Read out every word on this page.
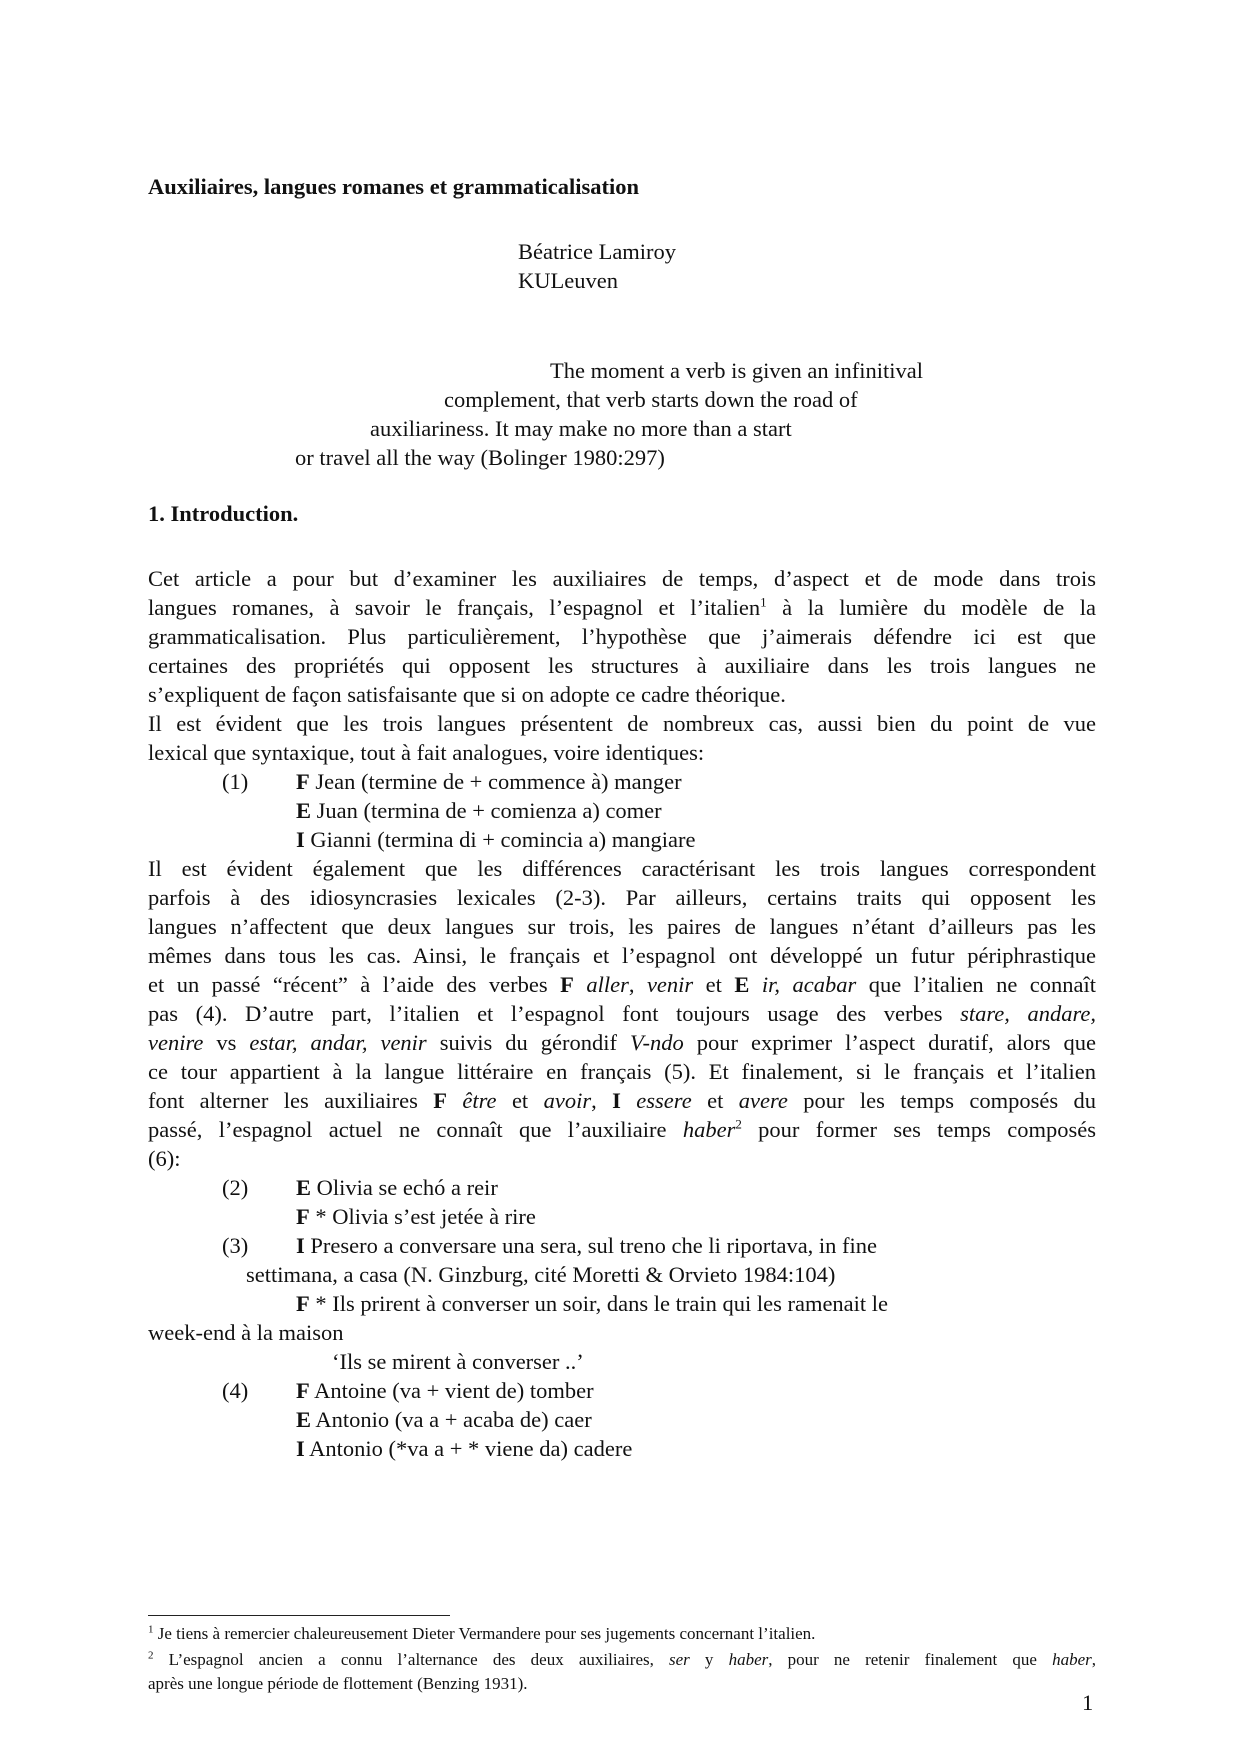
Auxiliaires, langues romanes et grammaticalisation
Béatrice Lamiroy
KULeuven
The moment a verb is given an infinitival
complement, that verb starts down the road of
auxiliariness. It may make no more than a start
or travel all the way (Bolinger 1980:297)
1. Introduction.
Cet article a pour but d’examiner les auxiliaires de temps, d’aspect et de mode dans trois
langues romanes, à savoir le français, l’espagnol et l’italien$^1$ à la lumière du modèle de la
grammaticalisation. Plus particulièrement, l’hypothèse que j’aimerais défendre ici est que
certaines des propriétés qui opposent les structures à auxiliaire dans les trois langues ne
s’expliquent de façon satisfaisante que si on adopte ce cadre théorique.
Il est évident que les trois langues présentent de nombreux cas, aussi bien du point de vue
lexical que syntaxique, tout à fait analogues, voire identiques:
(1) F Jean (termine de + commence à) manger
E Juan (termina de + comienza a) comer
I Gianni (termina di + comincia a) mangiare
Il est évident également que les différences caractérisant les trois langues correspondent
parfois à des idiosyncrasies lexicales (2-3). Par ailleurs, certains traits qui opposent les
langues n’affectent que deux langues sur trois, les paires de langues n’étant d’ailleurs pas les
mêmes dans tous les cas. Ainsi, le français et l’espagnol ont développé un futur périphrastique
et un passé “récent” à l’aide des verbes F aller, venir et E ir, acabar que l’italien ne connaît
pas (4). D’autre part, l’italien et l’espagnol font toujours usage des verbes stare, andare,
venire vs estar, andar, venir suivis du gérondif V-ndo pour exprimer l’aspect duratif, alors que
ce tour appartient à la langue littéraire en français (5). Et finalement, si le français et l’italien
font alterner les auxiliaires F être et avoir, I essere et avere pour les temps composés du
passé, l’espagnol actuel ne connaît que l’auxiliaire haber$^2$ pour former ses temps composés
(6):
(2) E Olivia se echó a reir
F * Olivia s’est jetée à rire
(3) I Presero a conversare una sera, sul treno che li riportava, in fine
settimana, a casa (N. Ginzburg, cité Moretti & Orvieto 1984:104)
F * Ils prirent à converser un soir, dans le train qui les ramenait le
week-end à la maison
‘Ils se mirent à converser ..’
(4) F Antoine (va + vient de) tomber
E Antonio (va a + acaba de) caer
I Antonio (*va a + * viene da) cadere
$^1$ Je tiens à remercier chaleureusement Dieter Vermandere pour ses jugements concernant l’italien.
$^2$ L’espagnol ancien a connu l’alternance des deux auxiliaires, ser y haber, pour ne retenir finalement que haber,
après une longue période de flottement (Benzing 1931).
1
